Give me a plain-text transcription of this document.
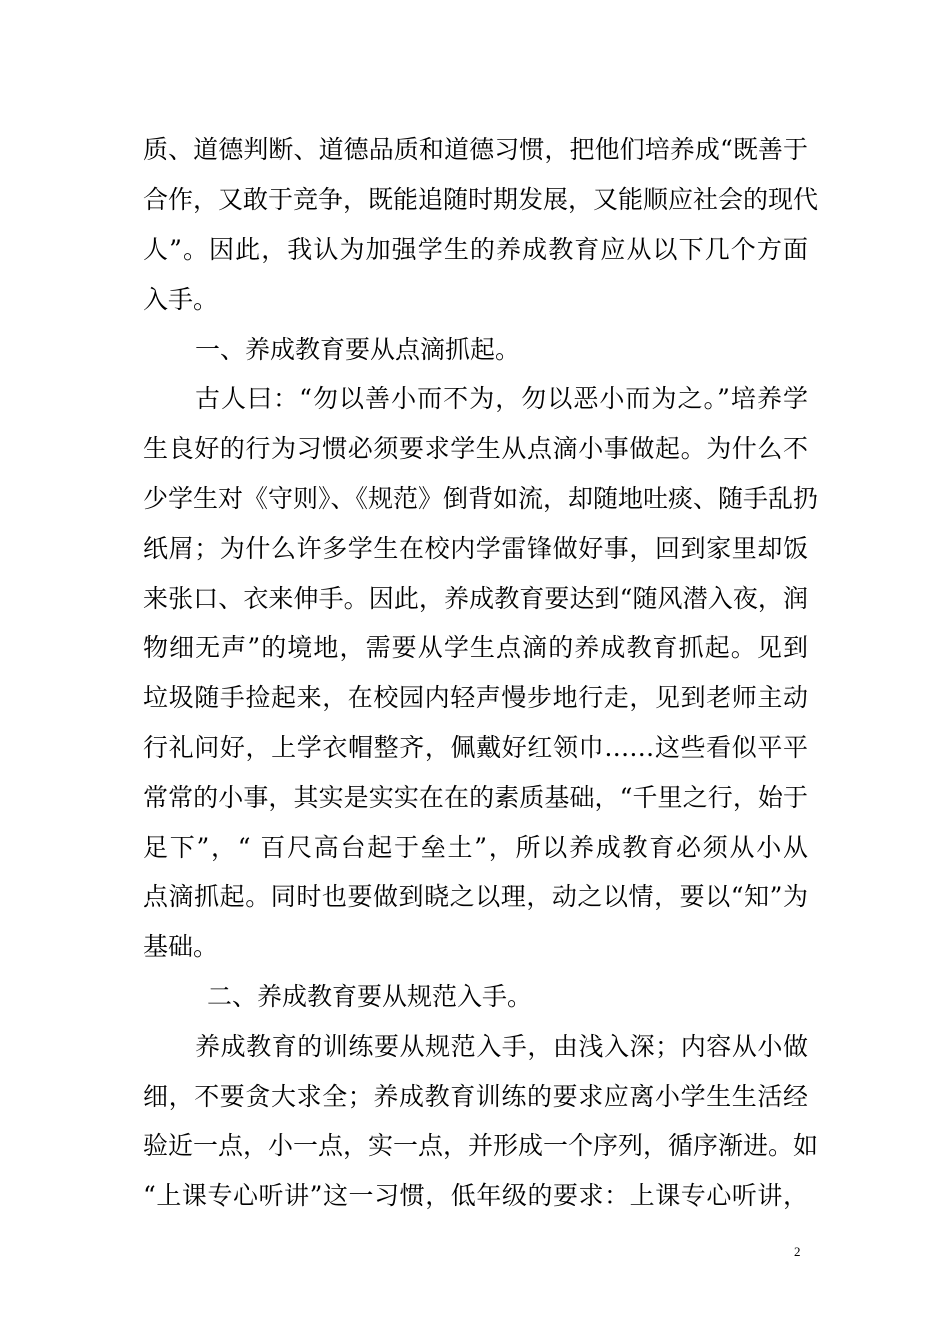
质、道德判断、道德品质和道德习惯，把他们培养成“既善于
合作，又敢于竞争，既能追随时期发展，又能顺应社会的现代
人”。因此，我认为加强学生的养成教育应从以下几个方面
入手。
一、养成教育要从点滴抓起。
古人曰：“勿以善小而不为，勿以恶小而为之。”培养学
生良好的行为习惯必须要求学生从点滴小事做起。为什么不
少学生对《守则》、《规范》倒背如流，却随地吐痰、随手乱扔
纸屑；为什么许多学生在校内学雷锋做好事，回到家里却饭
来张口、衣来伸手。因此，养成教育要达到“随风潜入夜，润
物细无声”的境地，需要从学生点滴的养成教育抓起。见到
垃圾随手捡起来，在校园内轻声慢步地行走，见到老师主动
行礼问好，上学衣帽整齐，佩戴好红领巾……这些看似平平
常常的小事，其实是实实在在的素质基础，“千里之行，始于
足下”，“ 百尺高台起于垒土”，所以养成教育必须从小从
点滴抓起。同时也要做到晓之以理，动之以情，要以“知”为
基础。
二、养成教育要从规范入手。
养成教育的训练要从规范入手，由浅入深；内容从小做
细，不要贪大求全；养成教育训练的要求应离小学生生活经
验近一点，小一点，实一点，并形成一个序列，循序渐进。如
“上课专心听讲”这一习惯，低年级的要求：上课专心听讲，
2
